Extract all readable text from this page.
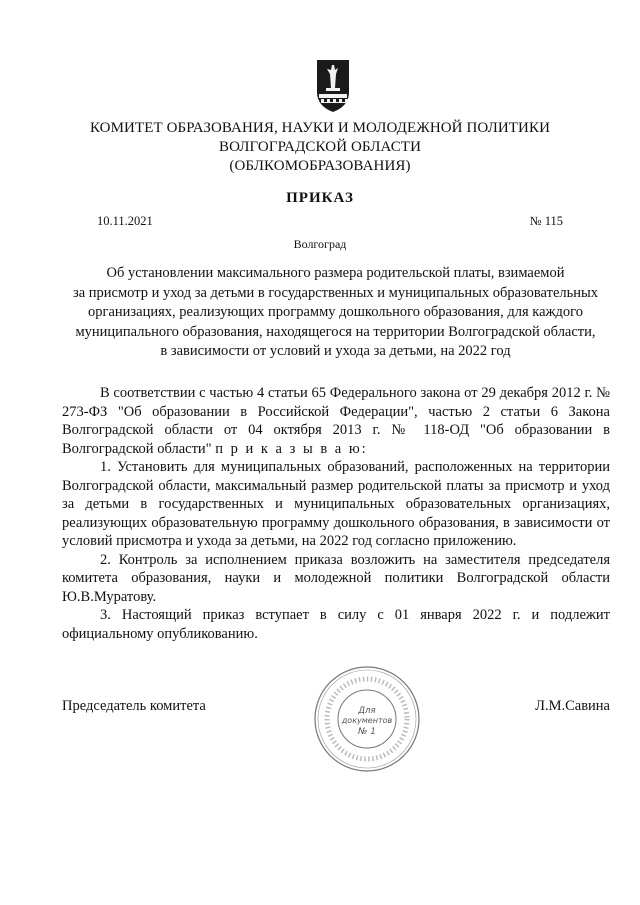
КОМИТЕТ ОБРАЗОВАНИЯ, НАУКИ И МОЛОДЕЖНОЙ ПОЛИТИКИ
ВОЛГОГРАДСКОЙ ОБЛАСТИ
(ОБЛКОМОБРАЗОВАНИЯ)
ПРИКАЗ
10.11.2021	№ 115
Волгоград
Об установлении максимального размера родительской платы, взимаемой
за присмотр и уход за детьми в государственных и муниципальных образовательных
организациях, реализующих программу дошкольного образования, для каждого
муниципального образования, находящегося на территории Волгоградской области,
в зависимости от условий и ухода за детьми, на 2022 год

В соответствии с частью 4 статьи 65 Федерального закона от 29 декабря 2012 г. № 273-ФЗ "Об образовании в Российской Федерации", частью 2 статьи 6 Закона Волгоградской области от 04 октября 2013 г. № 118-ОД "Об образовании в Волгоградской области" п р и к а з ы в а ю:

1. Установить для муниципальных образований, расположенных на территории Волгоградской области, максимальный размер родительской платы за присмотр и уход за детьми в государственных и муниципальных образовательных организациях, реализующих образовательную программу дошкольного образования, в зависимости от условий присмотра и ухода за детьми, на 2022 год согласно приложению.

2. Контроль за исполнением приказа возложить на заместителя председателя комитета образования, науки и молодежной политики Волгоградской области Ю.В.Муратову.

3. Настоящий приказ вступает в силу с 01 января 2022 г. и подлежит официальному опубликованию.

Председатель комитета	Л.М.Савина
Для
документов
№ 1
